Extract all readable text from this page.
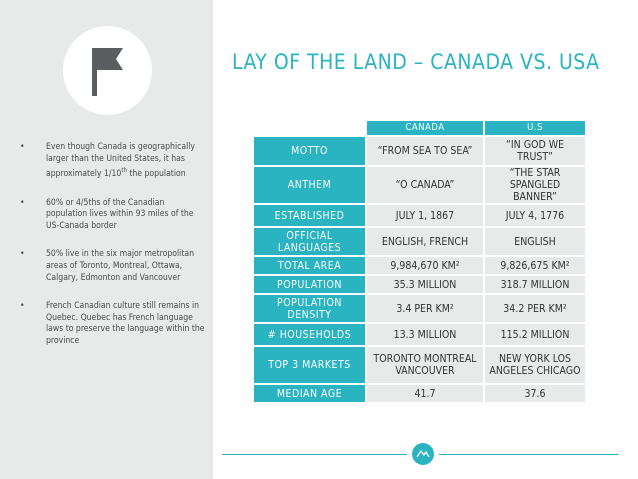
• Even though Canada is geographically larger than the United States, it has approximately 1/10th the population
• 60% or 4/5ths of the Canadian population lives within 93 miles of the US-Canada border
• 50% live in the six major metropolitan areas of Toronto, Montreal, Ottawa, Calgary, Edmonton and Vancouver
• French Canadian culture still remains in Quebec. Quebec has French language laws to preserve the language within the province
LAY OF THE LAND – CANADA VS. USA
	CANADA	U.S
MOTTO	“FROM SEA TO SEA”	“IN GOD WE TRUST”
ANTHEM	“O CANADA”	“THE STAR SPANGLED BANNER”
ESTABLISHED	JULY 1, 1867	JULY 4, 1776
OFFICIAL LANGUAGES	ENGLISH, FRENCH	ENGLISH
TOTAL AREA	9,984,670 KM²	9,826,675 KM²
POPULATION	35.3 MILLION	318.7 MILLION
POPULATION DENSITY	3.4 PER KM²	34.2 PER KM²
# HOUSEHOLDS	13.3 MILLION	115.2 MILLION
TOP 3 MARKETS	TORONTO MONTREAL VANCOUVER	NEW YORK LOS ANGELES CHICAGO
MEDIAN AGE	41.7	37.6
